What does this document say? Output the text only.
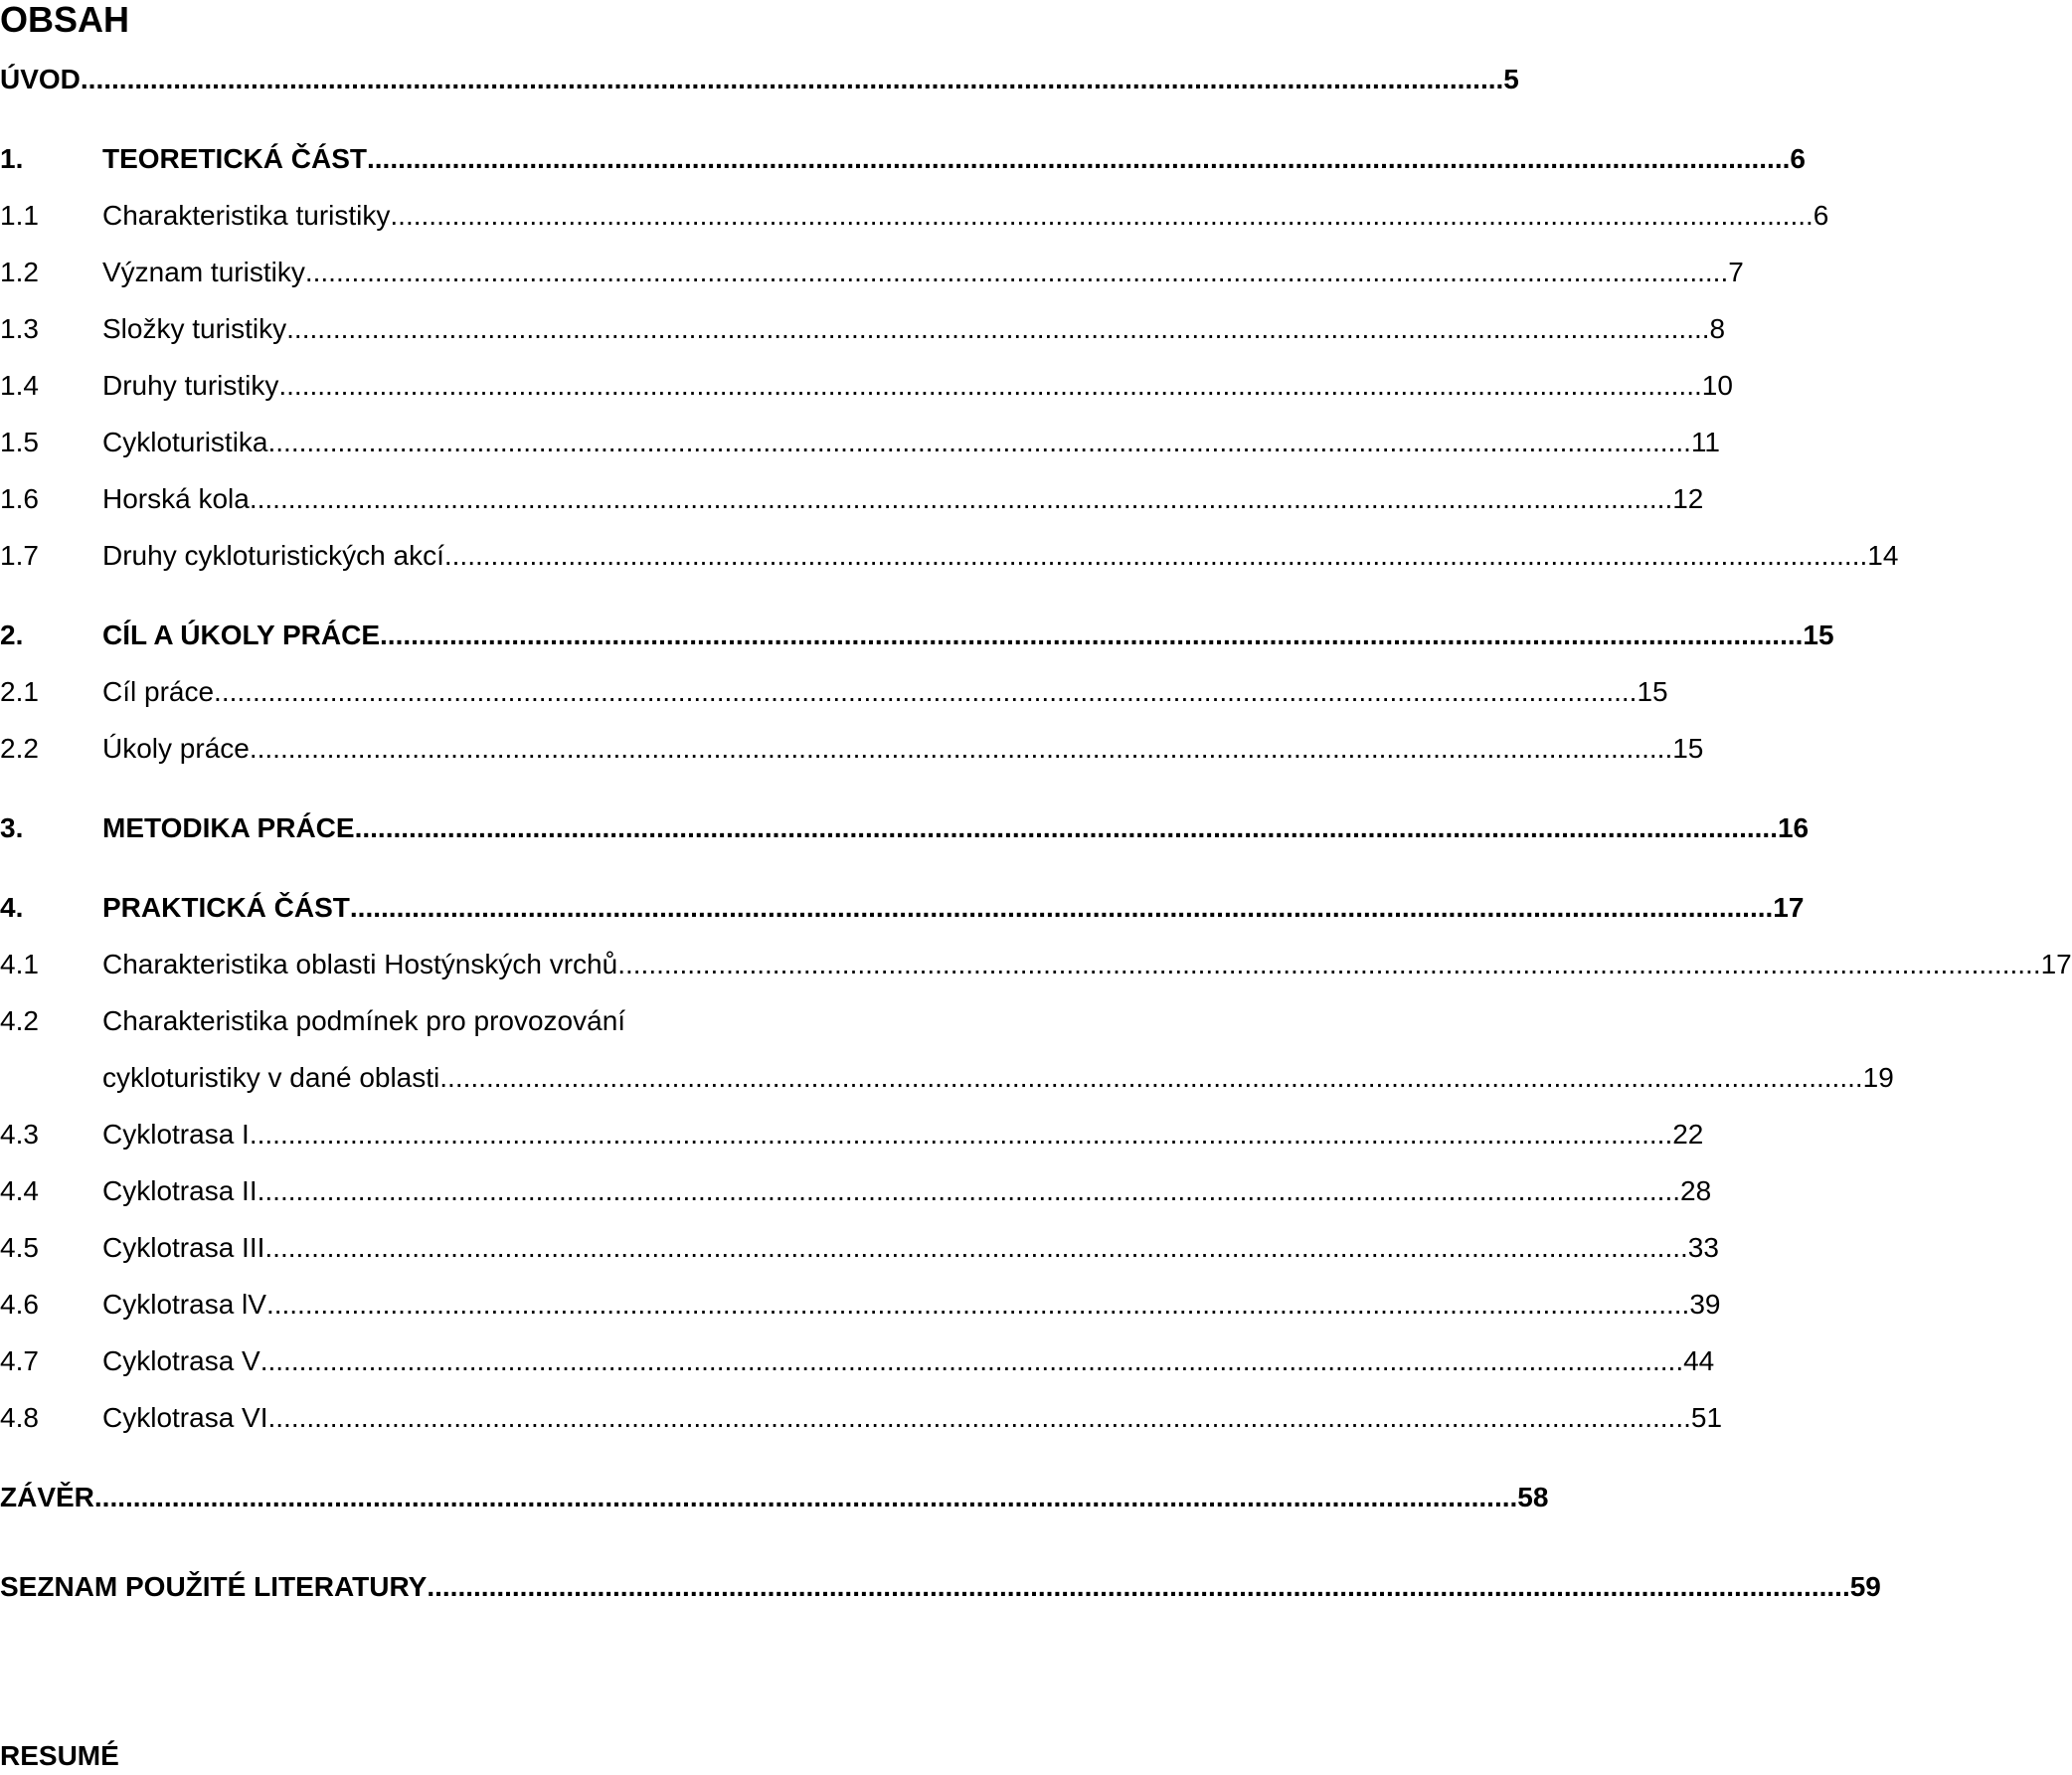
OBSAH
ÚVOD ........................................................................................................................................................................................ 5
1.	TEORETICKÁ ČÁST ........................................................................................................................................................................................ 6
1.1	Charakteristika turistiky ........................................................................................................................................................................................ 6
1.2	Význam turistiky ........................................................................................................................................................................................ 7
1.3	Složky turistiky ........................................................................................................................................................................................ 8
1.4	Druhy turistiky ........................................................................................................................................................................................ 10
1.5	Cykloturistika ........................................................................................................................................................................................ 11
1.6	Horská kola ........................................................................................................................................................................................ 12
1.7	Druhy cykloturistických akcí ........................................................................................................................................................................................ 14
2.	CÍL A ÚKOLY PRÁCE ........................................................................................................................................................................................ 15
2.1	Cíl práce ........................................................................................................................................................................................ 15
2.2	Úkoly práce ........................................................................................................................................................................................ 15
3.	METODIKA PRÁCE ........................................................................................................................................................................................ 16
4.	PRAKTICKÁ ČÁST ........................................................................................................................................................................................ 17
4.1	Charakteristika oblasti Hostýnských vrchů ........................................................................................................................................................................................ 17
4.2	Charakteristika podmínek pro provozování
cykloturistiky v dané oblasti ........................................................................................................................................................................................ 19
4.3	Cyklotrasa I ........................................................................................................................................................................................ 22
4.4	Cyklotrasa II ........................................................................................................................................................................................ 28
4.5	Cyklotrasa III ........................................................................................................................................................................................ 33
4.6	Cyklotrasa lV ........................................................................................................................................................................................ 39
4.7	Cyklotrasa V ........................................................................................................................................................................................ 44
4.8	Cyklotrasa VI ........................................................................................................................................................................................ 51
ZÁVĚR ........................................................................................................................................................................................ 58
SEZNAM POUŽITÉ LITERATURY ........................................................................................................................................................................................ 59
RESUMÉ
